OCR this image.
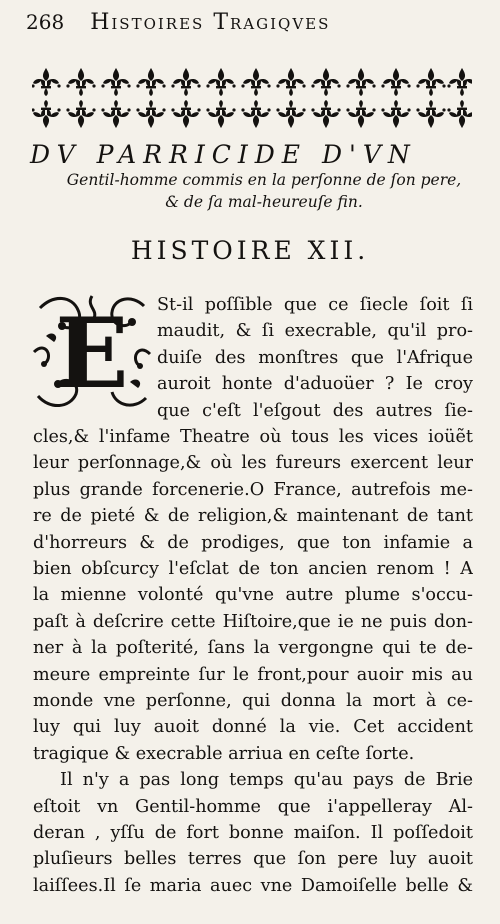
268 Histoires Tragiqves
DV PARRICIDE D'VN
Gentil-homme commis en la perſonne de ſon pere,
& de ſa mal-heureuſe fin.
HISTOIRE XII.
E St-il poſſible que ce ſiecle ſoit ſi
maudit, & ſi execrable, qu'il pro-
duiſe des monſtres que l'Afrique
auroit honte d'aduoüer ? Ie croy
que c'eſt l'eſgout des autres ſie-
cles,& l'infame Theatre où tous les vices ioüẽt
leur perſonnage,& où les fureurs exercent leur
plus grande forcenerie.O France, autrefois me-
re de pieté & de religion,& maintenant de tant
d'horreurs & de prodiges, que ton infamie a
bien obſcurcy l'eſclat de ton ancien renom ! A
la mienne volonté qu'vne autre plume s'occu-
paſt à deſcrire cette Hiſtoire,que ie ne puis don-
ner à la poſterité, ſans la vergongne qui te de-
meure empreinte ſur le front,pour auoir mis au
monde vne perſonne, qui donna la mort à ce-
luy qui luy auoit donné la vie. Cet accident
tragique & execrable arriua en ceſte ſorte.
Il n'y a pas long temps qu'au pays de Brie
eſtoit vn Gentil-homme que i'appelleray Al-
deran , yſſu de fort bonne maiſon. Il poſſedoit
pluſieurs belles terres que ſon pere luy auoit
laiſſees.Il ſe maria auec vne Damoiſelle belle &
